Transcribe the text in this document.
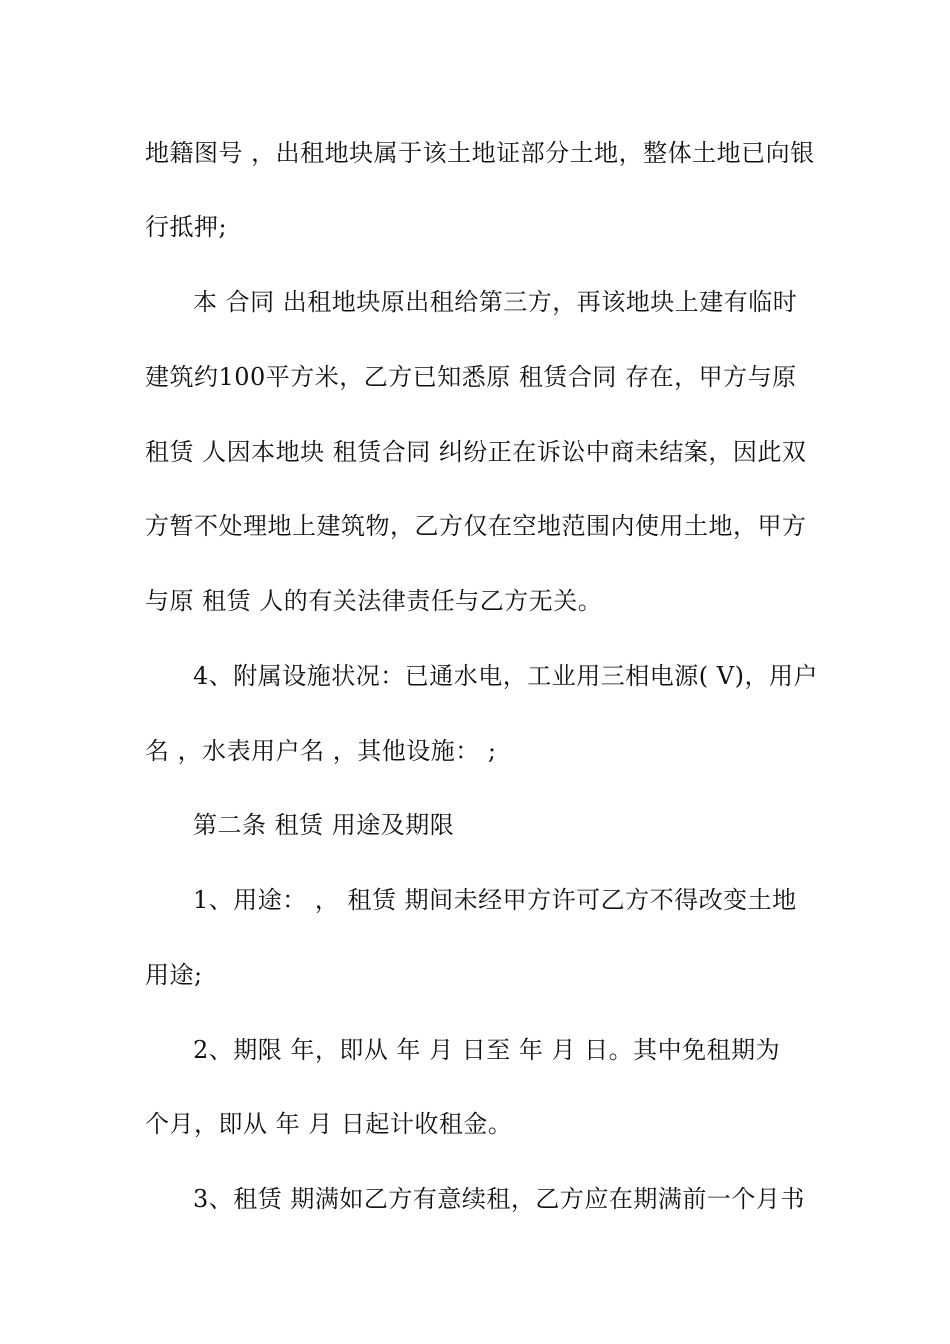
地籍图号 ，出租地块属于该土地证部分土地，整体土地已向银
行抵押;
本 合同 出租地块原出租给第三方，再该地块上建有临时
建筑约100平方米，乙方已知悉原 租赁合同 存在，甲方与原
租赁 人因本地块 租赁合同 纠纷正在诉讼中商未结案，因此双
方暂不处理地上建筑物，乙方仅在空地范围内使用土地，甲方
与原 租赁 人的有关法律责任与乙方无关。
4、附属设施状况：已通水电，工业用三相电源( V)，用户
名 ，水表用户名 ，其他设施： ;
第二条 租赁 用途及期限
1、用途： ， 租赁 期间未经甲方许可乙方不得改变土地
用途;
2、期限 年，即从 年 月 日至 年 月 日。其中免租期为
个月，即从 年 月 日起计收租金。
3、租赁 期满如乙方有意续租，乙方应在期满前一个月书
